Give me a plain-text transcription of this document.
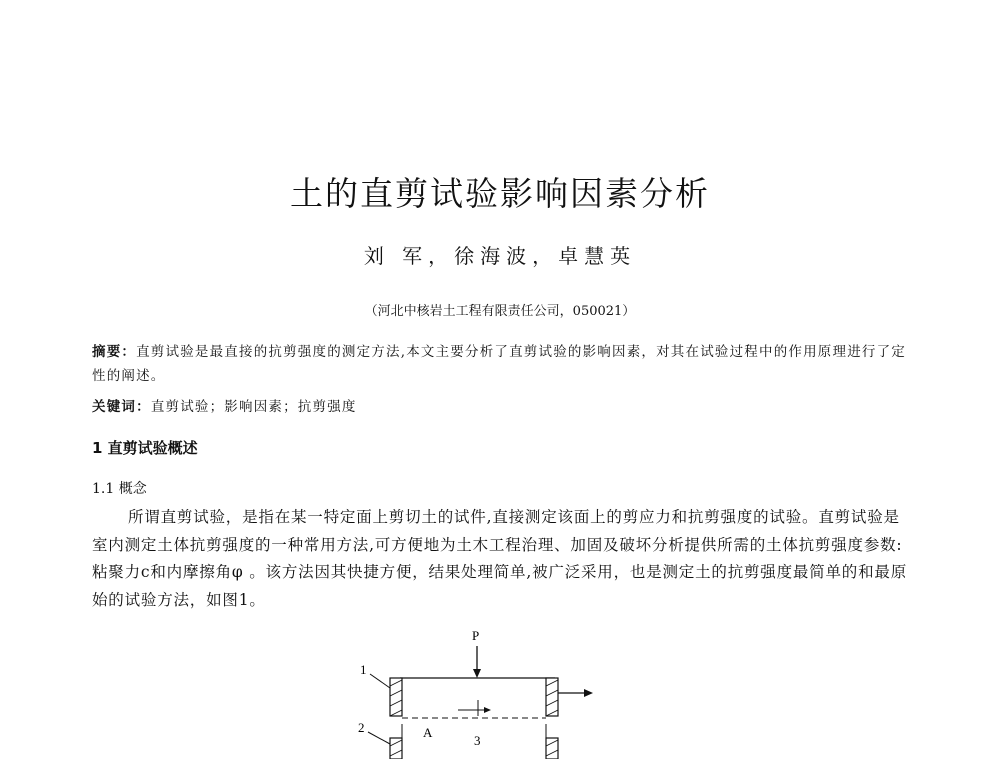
土的直剪试验影响因素分析
刘 军，徐海波，卓慧英
（河北中核岩土工程有限责任公司，050021）
摘要：直剪试验是最直接的抗剪强度的测定方法,本文主要分析了直剪试验的影响因素，对其在试验过程中的作用原理进行了定性的阐述。
关键词：直剪试验；影响因素；抗剪强度
1 直剪试验概述
1.1 概念
所谓直剪试验，是指在某一特定面上剪切土的试件,直接测定该面上的剪应力和抗剪强度的试验。直剪试验是室内测定土体抗剪强度的一种常用方法,可方便地为土木工程治理、加固及破坏分析提供所需的土体抗剪强度参数:粘聚力c和内摩擦角φ 。该方法因其快捷方便，结果处理简单,被广泛采用，也是测定土的抗剪强度最简单的和最原始的试验方法，如图1。
P
1
2	A
3
